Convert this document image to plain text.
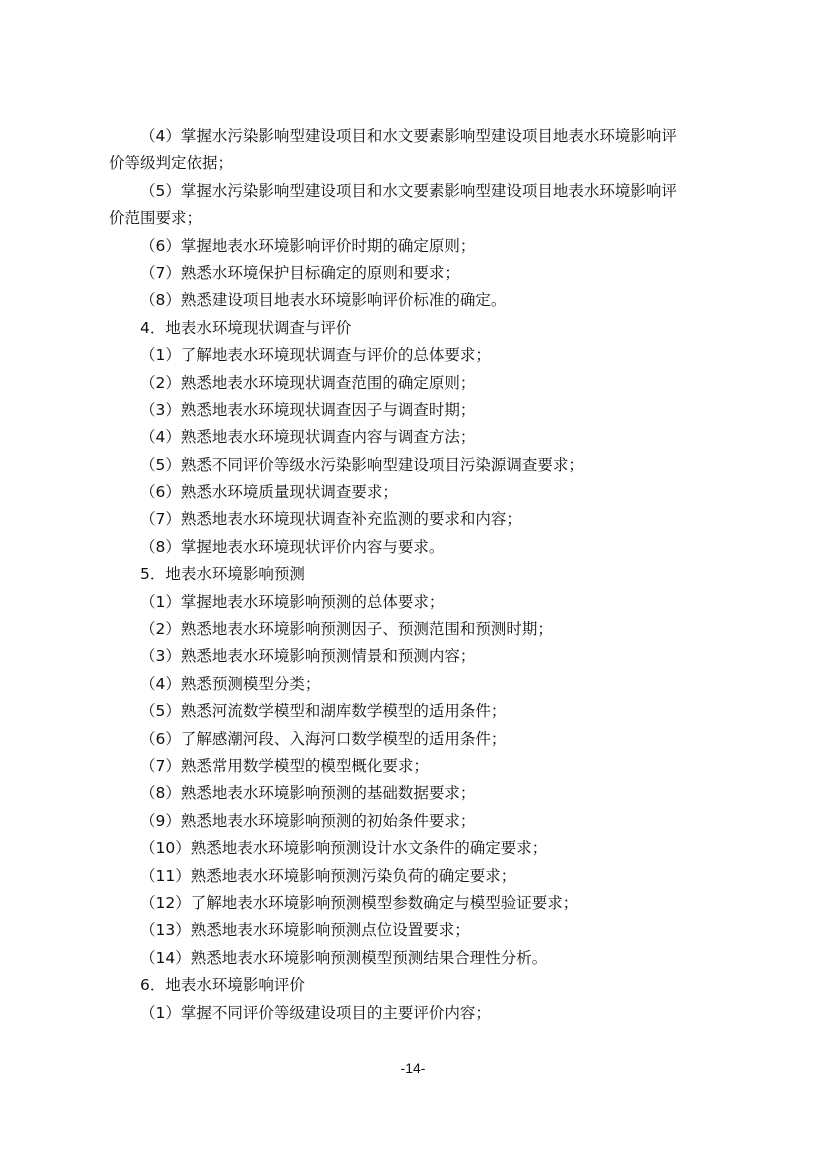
（4）掌握水污染影响型建设项目和水文要素影响型建设项目地表水环境影响评
价等级判定依据；
（5）掌握水污染影响型建设项目和水文要素影响型建设项目地表水环境影响评
价范围要求；
（6）掌握地表水环境影响评价时期的确定原则；
（7）熟悉水环境保护目标确定的原则和要求；
（8）熟悉建设项目地表水环境影响评价标准的确定。
4．地表水环境现状调查与评价
（1）了解地表水环境现状调查与评价的总体要求；
（2）熟悉地表水环境现状调查范围的确定原则；
（3）熟悉地表水环境现状调查因子与调查时期；
（4）熟悉地表水环境现状调查内容与调查方法；
（5）熟悉不同评价等级水污染影响型建设项目污染源调查要求；
（6）熟悉水环境质量现状调查要求；
（7）熟悉地表水环境现状调查补充监测的要求和内容；
（8）掌握地表水环境现状评价内容与要求。
5．地表水环境影响预测
（1）掌握地表水环境影响预测的总体要求；
（2）熟悉地表水环境影响预测因子、预测范围和预测时期；
（3）熟悉地表水环境影响预测情景和预测内容；
（4）熟悉预测模型分类；
（5）熟悉河流数学模型和湖库数学模型的适用条件；
（6）了解感潮河段、入海河口数学模型的适用条件；
（7）熟悉常用数学模型的模型概化要求；
（8）熟悉地表水环境影响预测的基础数据要求；
（9）熟悉地表水环境影响预测的初始条件要求；
（10）熟悉地表水环境影响预测设计水文条件的确定要求；
（11）熟悉地表水环境影响预测污染负荷的确定要求；
（12）了解地表水环境影响预测模型参数确定与模型验证要求；
（13）熟悉地表水环境影响预测点位设置要求；
（14）熟悉地表水环境影响预测模型预测结果合理性分析。
6．地表水环境影响评价
（1）掌握不同评价等级建设项目的主要评价内容；
-14-
